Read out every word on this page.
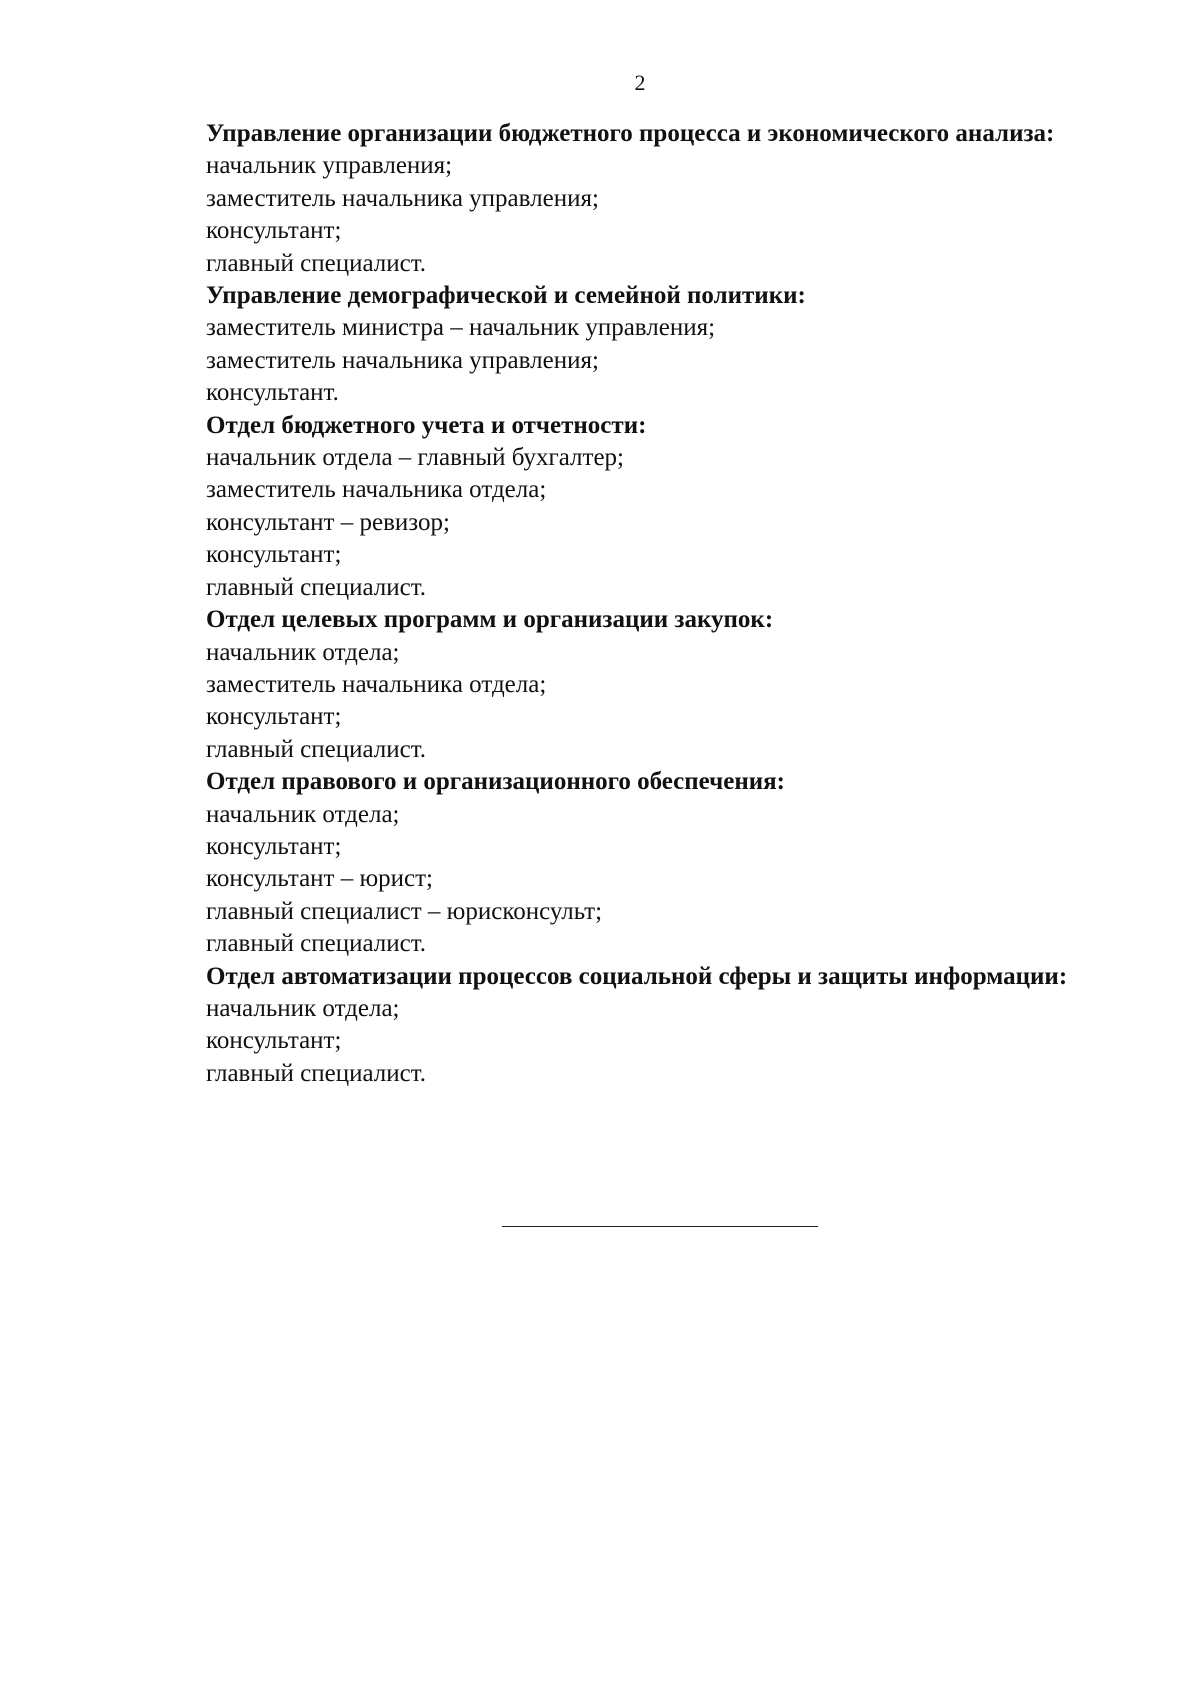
2

Управление организации бюджетного процесса и экономического анализа:

начальник управления;

заместитель начальника управления;

консультант;

главный специалист.

Управление демографической и семейной политики:

заместитель министра – начальник управления;

заместитель начальника управления;

консультант.

Отдел бюджетного учета и отчетности:

начальник отдела – главный бухгалтер;

заместитель начальника отдела;

консультант – ревизор;

консультант;

главный специалист.

Отдел целевых программ и организации закупок:

начальник отдела;

заместитель начальника отдела;

консультант;

главный специалист.

Отдел правового и организационного обеспечения:

начальник отдела;

консультант;

консультант – юрист;

главный специалист – юрисконсульт;

главный специалист.

Отдел автоматизации процессов социальной сферы и защиты информации:

начальник отдела;

консультант;

главный специалист.
